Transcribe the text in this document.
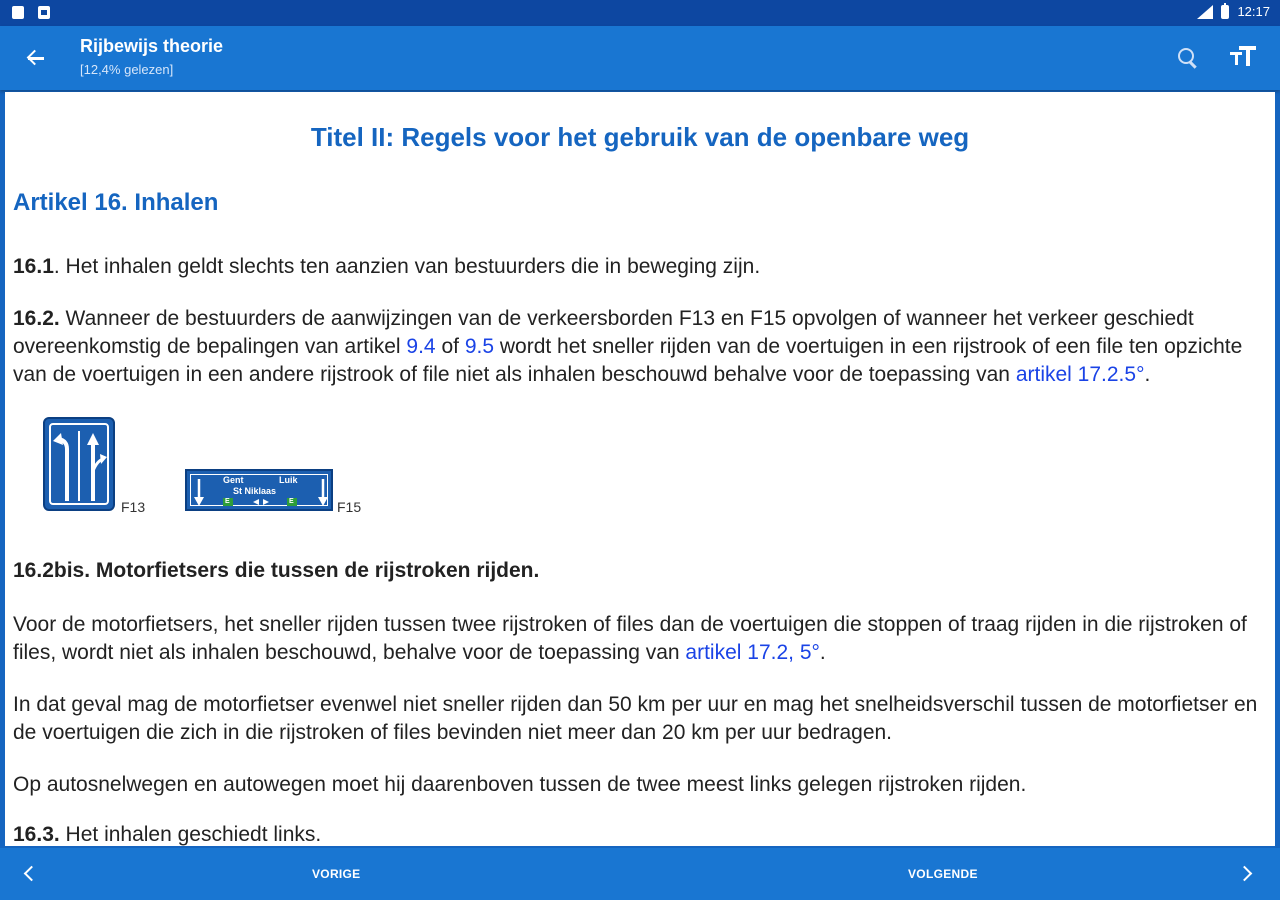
12:17
Rijbewijs theorie
[12,4% gelezen]
Titel II: Regels voor het gebruik van de openbare weg
Artikel 16. Inhalen

16.1. Het inhalen geldt slechts ten aanzien van bestuurders die in beweging zijn.

16.2. Wanneer de bestuurders de aanwijzingen van de verkeersborden F13 en F15 opvolgen of wanneer het verkeer geschiedt overeenkomstig de bepalingen van artikel 9.4 of 9.5 wordt het sneller rijden van de voertuigen in een rijstrook of een file ten opzichte van de voertuigen in een andere rijstrook of file niet als inhalen beschouwd behalve voor de toepassing van artikel 17.2.5°.

F13
Gent	Luik
St Niklaas
E	E	F15

16.2bis. Motorfietsers die tussen de rijstroken rijden.

Voor de motorfietsers, het sneller rijden tussen twee rijstroken of files dan de voertuigen die stoppen of traag rijden in die rijstroken of files, wordt niet als inhalen beschouwd, behalve voor de toepassing van artikel 17.2, 5°.

In dat geval mag de motorfietser evenwel niet sneller rijden dan 50 km per uur en mag het snelheidsverschil tussen de motorfietser en de voertuigen die zich in die rijstroken of files bevinden niet meer dan 20 km per uur bedragen.

Op autosnelwegen en autowegen moet hij daarenboven tussen de twee meest links gelegen rijstroken rijden.

16.3. Het inhalen geschiedt links.

VORIGE	VOLGENDE
